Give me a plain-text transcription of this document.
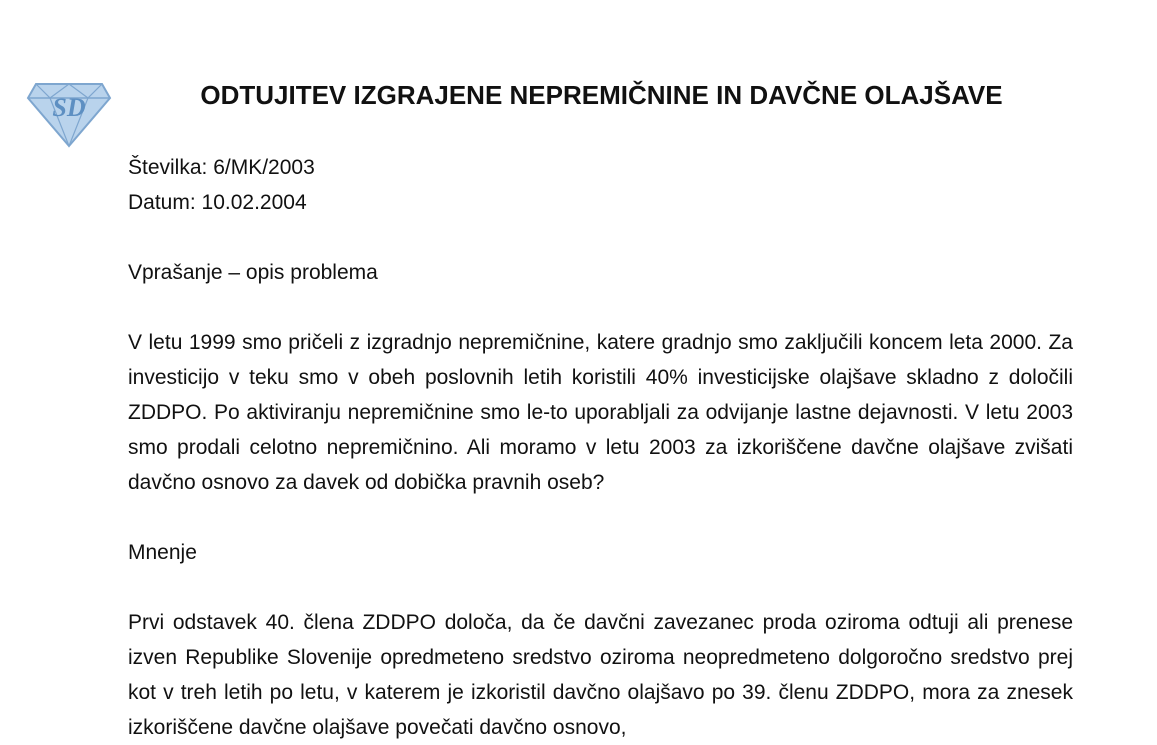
SD	ODTUJITEV IZGRAJENE NEPREMIČNINE IN DAVČNE OLAJŠAVE
Številka: 6/MK/2003
Datum: 10.02.2004
Vprašanje – opis problema
V letu 1999 smo pričeli z izgradnjo nepremičnine, katere gradnjo smo zaključili koncem leta 2000. Za investicijo v teku smo v obeh poslovnih letih koristili 40% investicijske olajšave skladno z določili ZDDPO. Po aktiviranju nepremičnine smo le-to uporabljali za odvijanje lastne dejavnosti. V letu 2003 smo prodali celotno nepremičnino. Ali moramo v letu 2003 za izkoriščene davčne olajšave zvišati davčno osnovo za davek od dobička pravnih oseb?
Mnenje
Prvi odstavek 40. člena ZDDPO določa, da če davčni zavezanec proda oziroma odtuji ali prenese izven Republike Slovenije opredmeteno sredstvo oziroma neopredmeteno dolgoročno sredstvo prej kot v treh letih po letu, v katerem je izkoristil davčno olajšavo po 39. členu ZDDPO, mora za znesek izkoriščene davčne olajšave povečati davčno osnovo,
